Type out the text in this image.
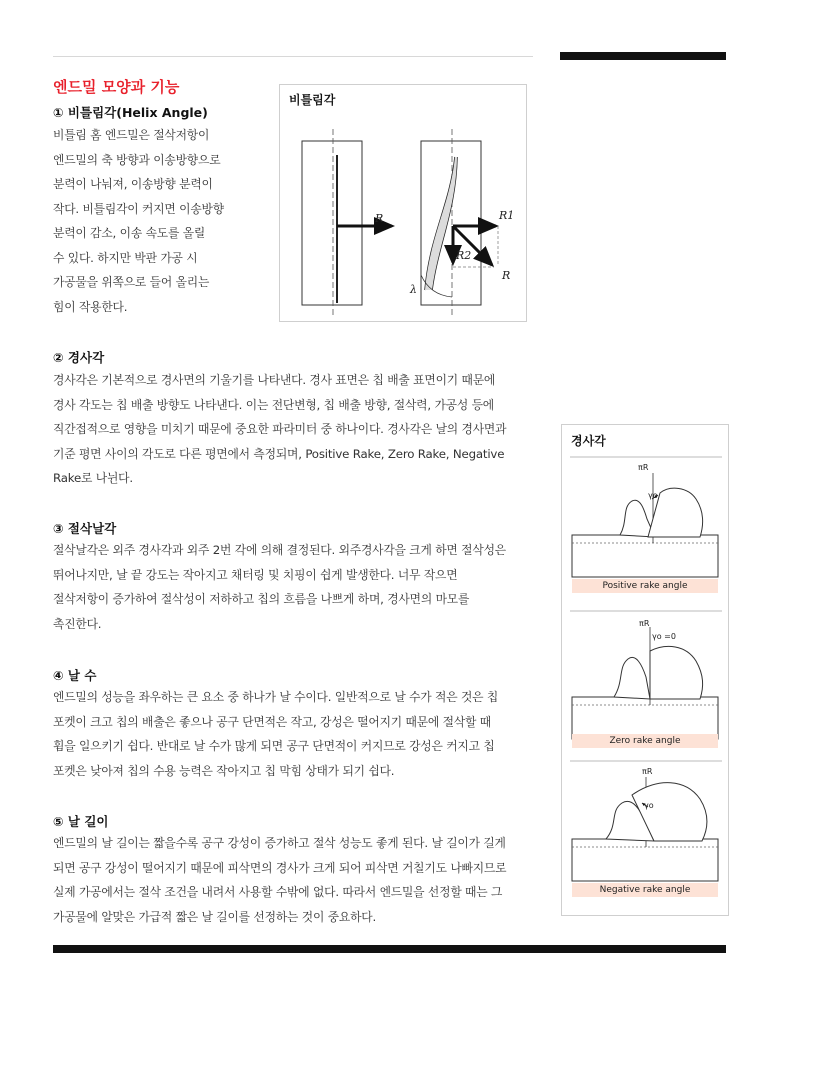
엔드밀 모양과 기능
① 비틀림각(Helix Angle)
비틀림 홈 엔드밀은 절삭저항이
엔드밀의 축 방향과 이송방향으로
분력이 나눠져, 이송방향 분력이
작다. 비틀림각이 커지면 이송방향
분력이 감소, 이송 속도를 올릴
수 있다. 하지만 박판 가공 시
가공물을 위쪽으로 들어 올리는
힘이 작용한다.
비틀림각
R	R1
R2
R
λ
② 경사각
경사각은 기본적으로 경사면의 기울기를 나타낸다. 경사 표면은 칩 배출 표면이기 때문에
경사 각도는 칩 배출 방향도 나타낸다. 이는 전단변형, 칩 배출 방향, 절삭력, 가공성 등에
직간접적으로 영향을 미치기 때문에 중요한 파라미터 중 하나이다. 경사각은 날의 경사면과
기준 평면 사이의 각도로 다른 평면에서 측정되며, Positive Rake, Zero Rake, Negative
Rake로 나뉜다.
③ 절삭날각
절삭날각은 외주 경사각과 외주 2번 각에 의해 결정된다. 외주경사각을 크게 하면 절삭성은
뛰어나지만, 날 끝 강도는 작아지고 채터링 및 치핑이 쉽게 발생한다. 너무 작으면
절삭저항이 증가하여 절삭성이 저하하고 칩의 흐름을 나쁘게 하며, 경사면의 마모를
촉진한다.
④ 날 수
엔드밀의 성능을 좌우하는 큰 요소 중 하나가 날 수이다. 일반적으로 날 수가 적은 것은 칩
포켓이 크고 칩의 배출은 좋으나 공구 단면적은 작고, 강성은 떨어지기 때문에 절삭할 때
휨을 일으키기 쉽다. 반대로 날 수가 많게 되면 공구 단면적이 커지므로 강성은 커지고 칩
포켓은 낮아져 칩의 수용 능력은 작아지고 칩 막힘 상태가 되기 쉽다.
⑤ 날 길이
엔드밀의 날 길이는 짧을수록 공구 강성이 증가하고 절삭 성능도 좋게 된다. 날 길이가 길게
되면 공구 강성이 떨어지기 때문에 피삭면의 경사가 크게 되어 피삭면 거칠기도 나빠지므로
실제 가공에서는 절삭 조건을 내려서 사용할 수밖에 없다. 따라서 엔드밀을 선정할 때는 그
가공물에 알맞은 가급적 짧은 날 길이를 선정하는 것이 중요하다.
경사각
πR
γo
Positive rake angle
πR
γo =0
Zero rake angle
πR
γo
Negative rake angle
